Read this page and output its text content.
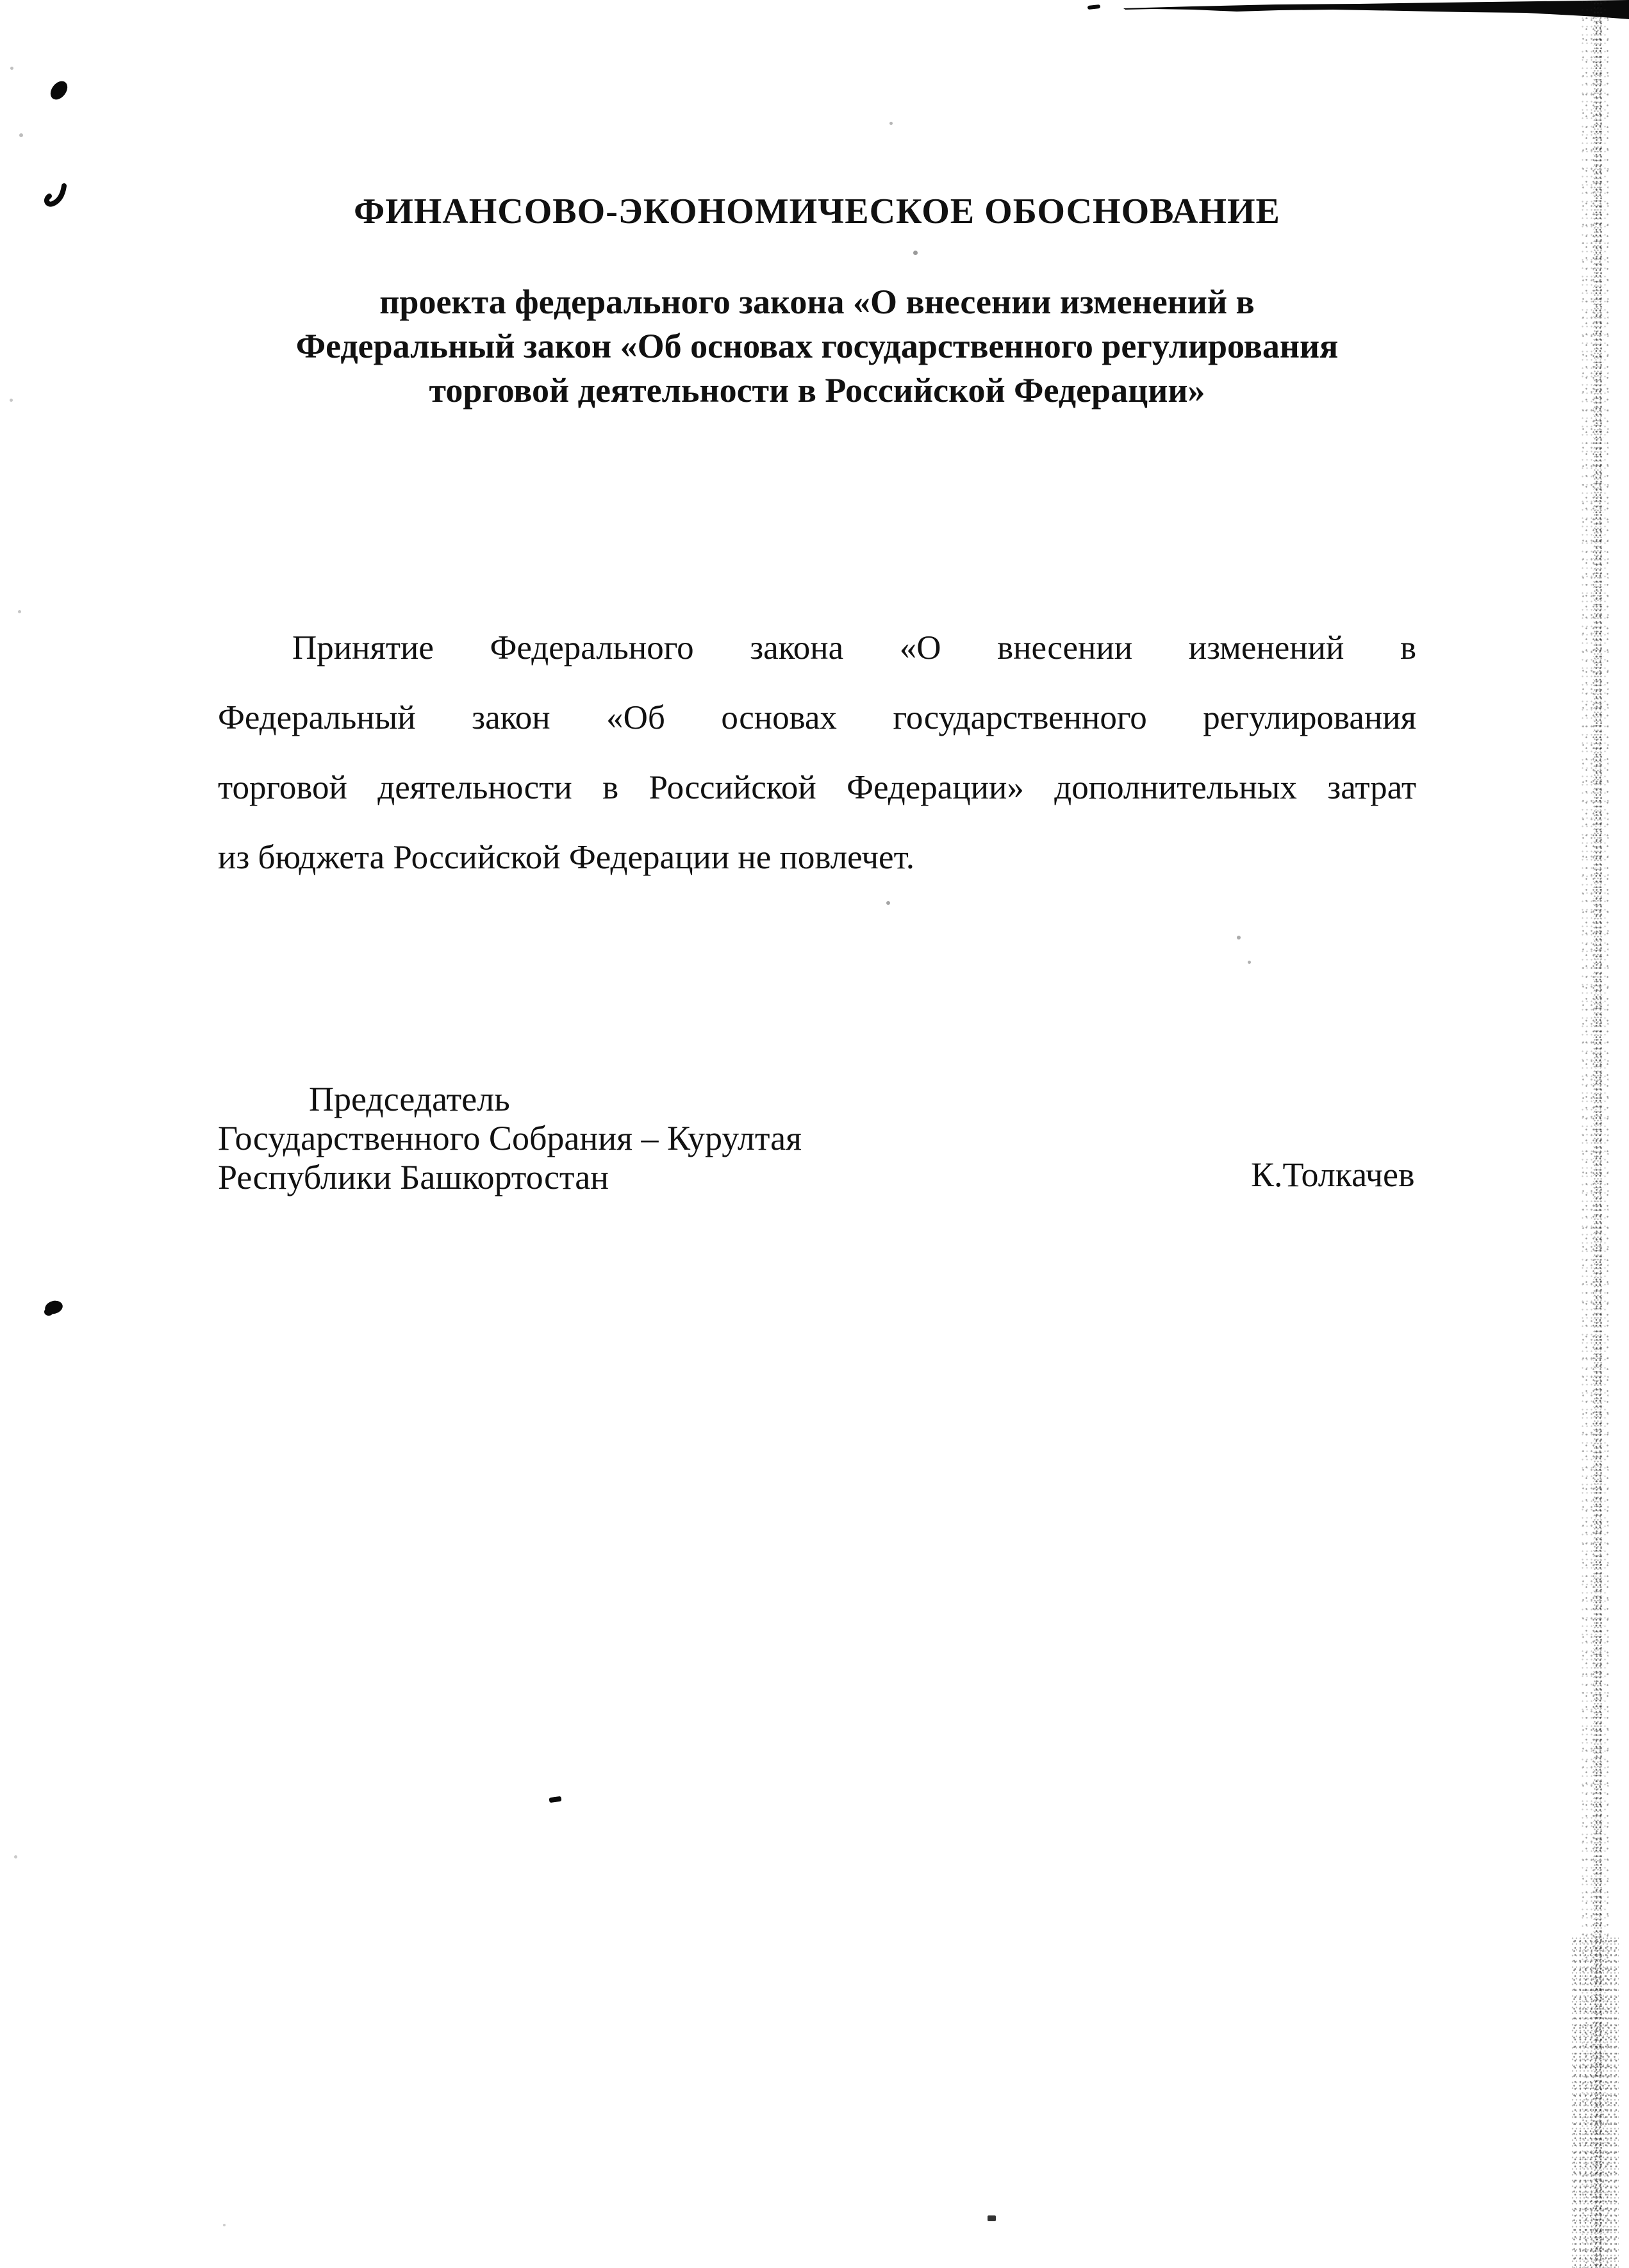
ФИНАНСОВО-ЭКОНОМИЧЕСКОЕ ОБОСНОВАНИЕ
проекта федерального закона «О внесении изменений в
Федеральный закон «Об основах государственного регулирования
торговой деятельности в Российской Федерации»
Принятие Федерального закона «О внесении изменений в
Федеральный закон «Об основах государственного регулирования
торговой деятельности в Российской Федерации» дополнительных затрат
из бюджета Российской Федерации не повлечет.
Председатель
Государственного Собрания – Курултая
Республики Башкортостан	К.Толкачев
